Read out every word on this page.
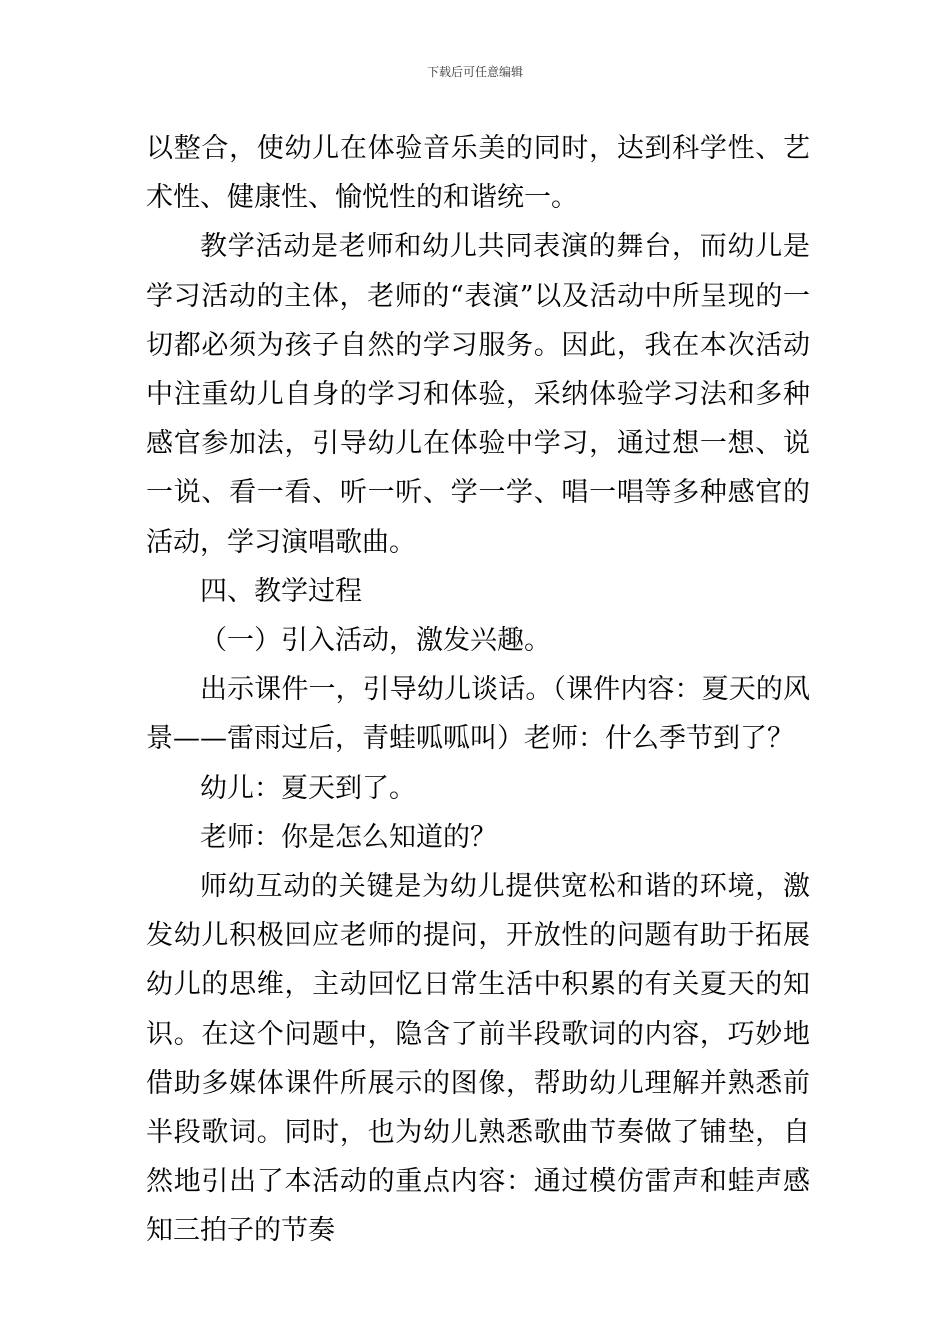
下载后可任意编辑

以整合，使幼儿在体验音乐美的同时，达到科学性、艺术性、健康性、愉悦性的和谐统一。

教学活动是老师和幼儿共同表演的舞台，而幼儿是学习活动的主体，老师的“表演”以及活动中所呈现的一切都必须为孩子自然的学习服务。因此，我在本次活动中注重幼儿自身的学习和体验，采纳体验学习法和多种感官参加法，引导幼儿在体验中学习，通过想一想、说一说、看一看、听一听、学一学、唱一唱等多种感官的活动，学习演唱歌曲。

四、教学过程

（一）引入活动，激发兴趣。

出示课件一，引导幼儿谈话。（课件内容：夏天的风景——雷雨过后，青蛙呱呱叫）老师：什么季节到了？

幼儿：夏天到了。

老师：你是怎么知道的？

师幼互动的关键是为幼儿提供宽松和谐的环境，激发幼儿积极回应老师的提问，开放性的问题有助于拓展幼儿的思维，主动回忆日常生活中积累的有关夏天的知识。在这个问题中，隐含了前半段歌词的内容，巧妙地借助多媒体课件所展示的图像，帮助幼儿理解并熟悉前半段歌词。同时，也为幼儿熟悉歌曲节奏做了铺垫，自然地引出了本活动的重点内容：通过模仿雷声和蛙声感知三拍子的节奏
